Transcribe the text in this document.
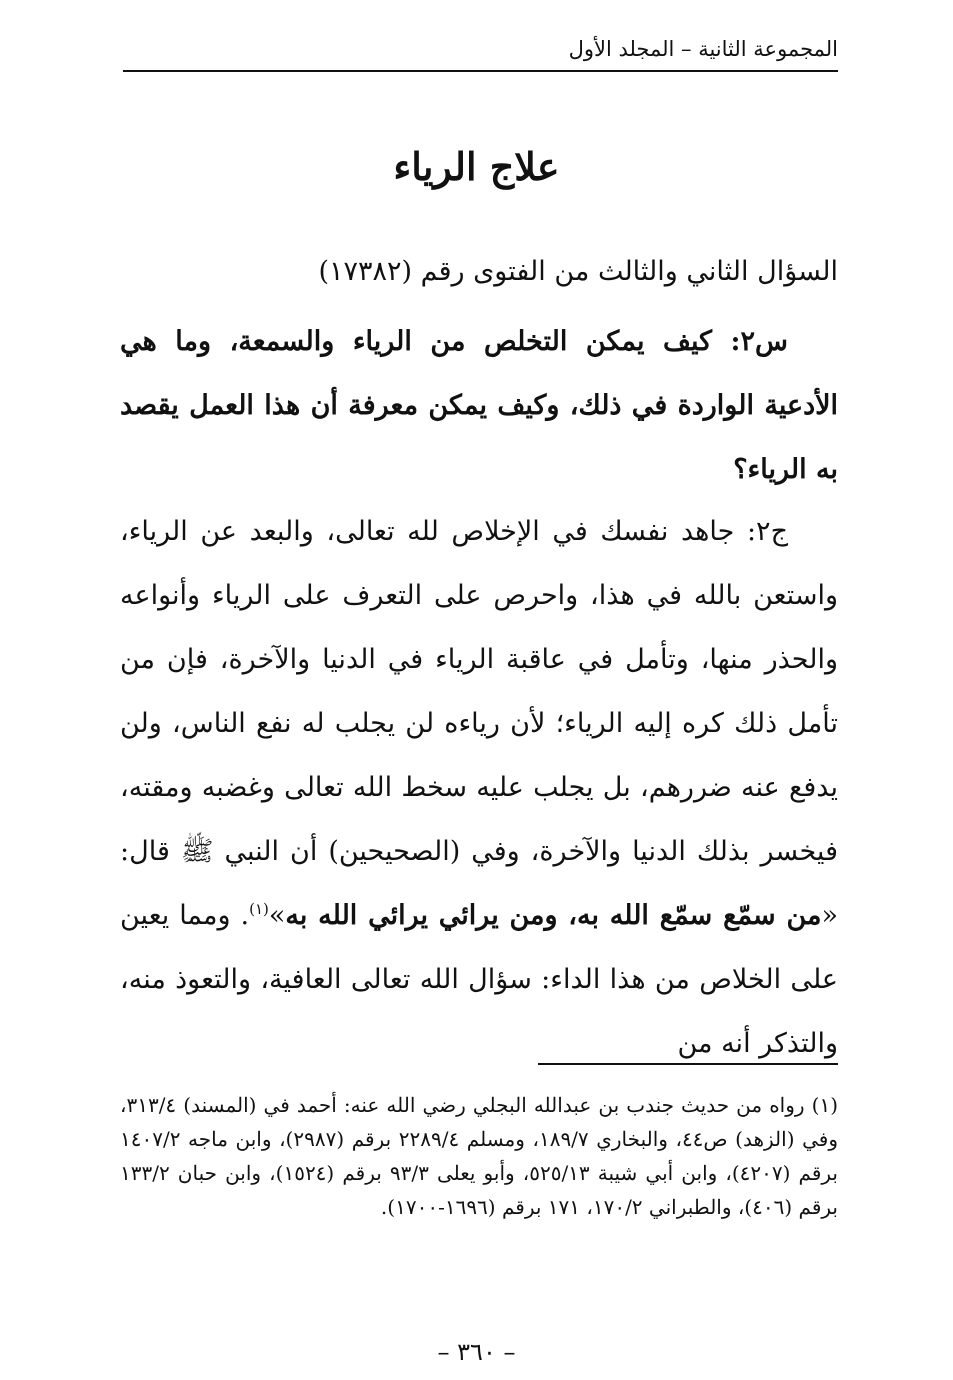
المجموعة الثانية – المجلد الأول
علاج الرياء

السؤال الثاني والثالث من الفتوى رقم (١٧٣٨٢)

س٢: كيف يمكن التخلص من الرياء والسمعة، وما هي الأدعية الواردة في ذلك، وكيف يمكن معرفة أن هذا العمل يقصد به الرياء؟

ج٢: جاهد نفسك في الإخلاص لله تعالى، والبعد عن الرياء، واستعن بالله في هذا، واحرص على التعرف على الرياء وأنواعه والحذر منها، وتأمل في عاقبة الرياء في الدنيا والآخرة، فإن من تأمل ذلك كره إليه الرياء؛ لأن رياءه لن يجلب له نفع الناس، ولن يدفع عنه ضررهم، بل يجلب عليه سخط الله تعالى وغضبه ومقته، فيخسر بذلك الدنيا والآخرة، وفي (الصحيحين) أن النبي ﷺ قال: «من سمّع سمّع الله به، ومن يرائي يرائي الله به»$^{(١)}$. ومما يعين على الخلاص من هذا الداء: سؤال الله تعالى العافية، والتعوذ منه، والتذكر أنه من

(١) رواه من حديث جندب بن عبدالله البجلي رضي الله عنه: أحمد في (المسند) ٣١٣/٤، وفي (الزهد) ص٤٤، والبخاري ١٨٩/٧، ومسلم ٢٢٨٩/٤ برقم (٢٩٨٧)، وابن ماجه ١٤٠٧/٢ برقم (٤٢٠٧)، وابن أبي شيبة ٥٢٥/١٣، وأبو يعلى ٩٣/٣ برقم (١٥٢٤)، وابن حبان ١٣٣/٢ برقم (٤٠٦)، والطبراني ١٧٠/٢، ١٧١ برقم (١٦٩٦-١٧٠٠).

– ٣٦٠ –
